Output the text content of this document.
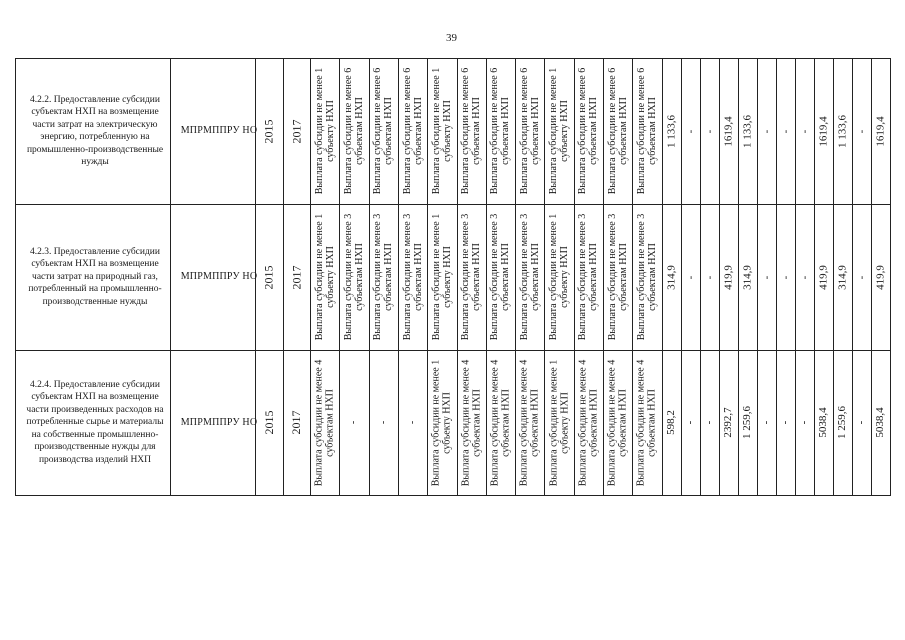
39
4.2.2. Предоставление субсидии субъектам НХП на возмещение части затрат на электрическую энергию, потребленную на промышленно-производственные нужды
МПРМППРУ НО 2015 2017 Выплата субсидии не менее 1 субъекту НХП Выплата субсидии не менее 6 субъектам НХП Выплата субсидии не менее 6 субъектам НХП Выплата субсидии не менее 6 субъектам НХП Выплата субсидии не менее 1 субъекту НХП Выплата субсидии не менее 6 субъектам НХП Выплата субсидии не менее 6 субъектам НХП Выплата субсидии не менее 6 субъектам НХП Выплата субсидии не менее 1 субъекту НХП Выплата субсидии не менее 6 субъектам НХП Выплата субсидии не менее 6 субъектам НХП Выплата субсидии не менее 6 субъектам НХП 1 133,6 - - 1619,4 1 133,6 - - - 1619,4 1 133,6 - 1619,4
4.2.3. Предоставление субсидии субъектам НХП на возмещение части затрат на природный газ, потребленный на промышленно-производственные нужды
МПРМППРУ НО 2015 2017 Выплата субсидии не менее 1 субъекту НХП Выплата субсидии не менее 3 субъектам НХП Выплата субсидии не менее 3 субъектам НХП Выплата субсидии не менее 3 субъектам НХП Выплата субсидии не менее 1 субъекту НХП Выплата субсидии не менее 3 субъектам НХП Выплата субсидии не менее 3 субъектам НХП Выплата субсидии не менее 3 субъектам НХП Выплата субсидии не менее 1 субъекту НХП Выплата субсидии не менее 3 субъектам НХП Выплата субсидии не менее 3 субъектам НХП Выплата субсидии не менее 3 субъектам НХП 314,9 - - 419,9 314,9 - - - 419,9 314,9 - 419,9
4.2.4. Предоставление субсидии субъектам НХП на возмещение части произведенных расходов на потребленные сырье и материалы на собственные промышленно-производственные нужды для производства изделий НХП
МПРМППРУ НО 2015 2017 Выплата субсидии не менее 4 субъектам НХП - - - Выплата субсидии не менее 1 субъекту НХП Выплата субсидии не менее 4 субъектам НХП Выплата субсидии не менее 4 субъектам НХП Выплата субсидии не менее 4 субъектам НХП Выплата субсидии не менее 1 субъекту НХП Выплата субсидии не менее 4 субъектам НХП Выплата субсидии не менее 4 субъектам НХП Выплата субсидии не менее 4 субъектам НХП 598,2 - - 2392,7 1 259,6 - - - 5038,4 1 259,6 - 5038,4
